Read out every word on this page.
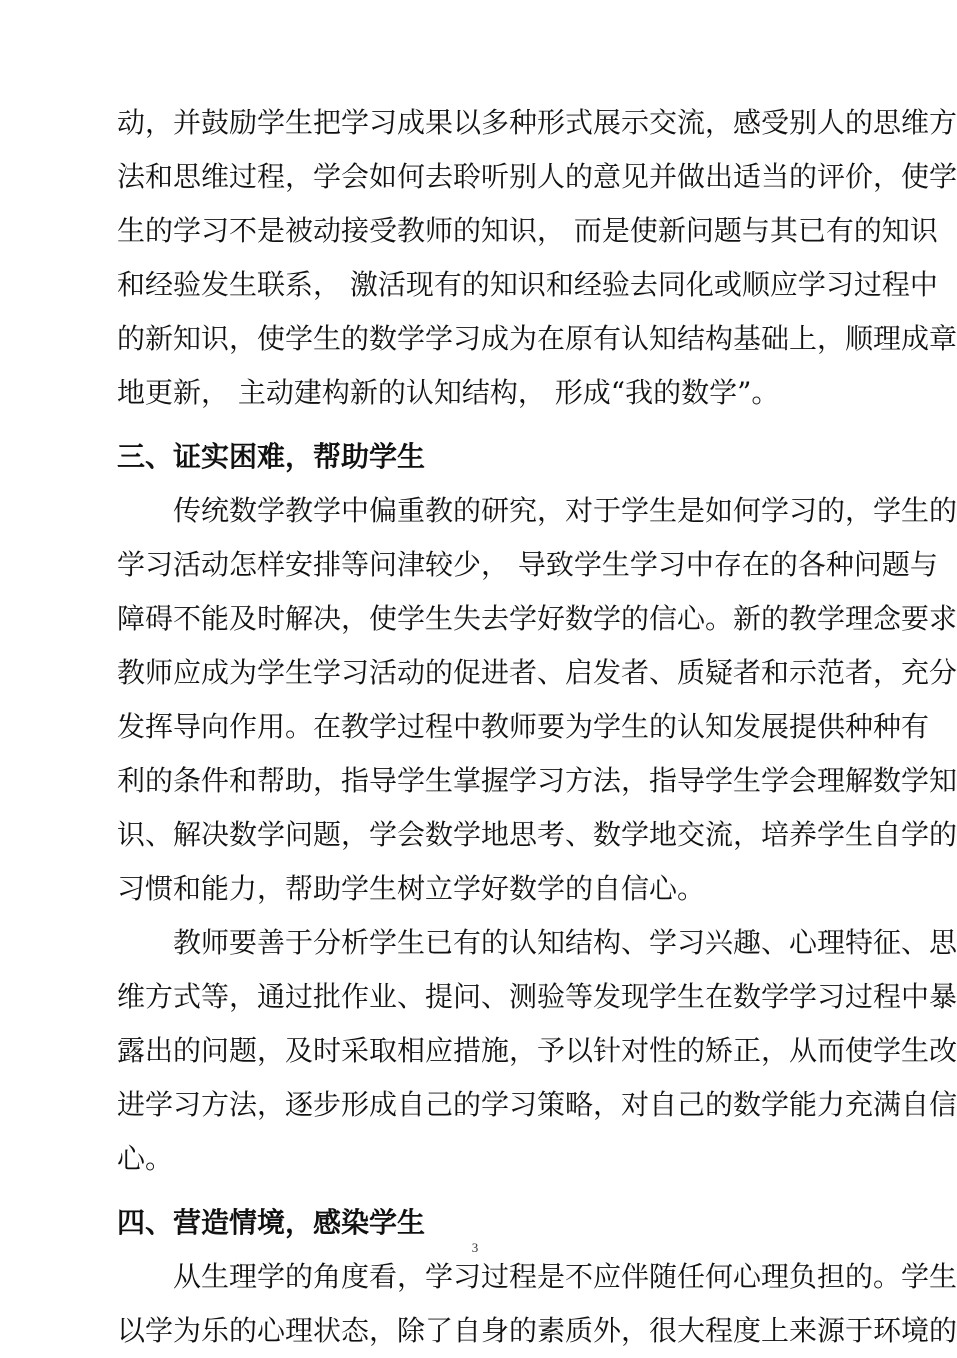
动，并鼓励学生把学习成果以多种形式展示交流，感受别人的思维方
法和思维过程，学会如何去聆听别人的意见并做出适当的评价，使学
生的学习不是被动接受教师的知识， 而是使新问题与其已有的知识
和经验发生联系， 激活现有的知识和经验去同化或顺应学习过程中
的新知识，使学生的数学学习成为在原有认知结构基础上，顺理成章
地更新， 主动建构新的认知结构， 形成“我的数学”。
三、证实困难，帮助学生
传统数学教学中偏重教的研究，对于学生是如何学习的，学生的
学习活动怎样安排等问津较少， 导致学生学习中存在的各种问题与
障碍不能及时解决，使学生失去学好数学的信心。新的教学理念要求
教师应成为学生学习活动的促进者、启发者、质疑者和示范者，充分
发挥导向作用。在教学过程中教师要为学生的认知发展提供种种有
利的条件和帮助，指导学生掌握学习方法，指导学生学会理解数学知
识、解决数学问题，学会数学地思考、数学地交流，培养学生自学的
习惯和能力，帮助学生树立学好数学的自信心。
教师要善于分析学生已有的认知结构、学习兴趣、心理特征、思
维方式等，通过批作业、提问、测验等发现学生在数学学习过程中暴
露出的问题，及时采取相应措施，予以针对性的矫正，从而使学生改
进学习方法，逐步形成自己的学习策略，对自己的数学能力充满自信
心。
四、营造情境，感染学生
从生理学的角度看，学习过程是不应伴随任何心理负担的。学生
以学为乐的心理状态，除了自身的素质外，很大程度上来源于环境的
3
